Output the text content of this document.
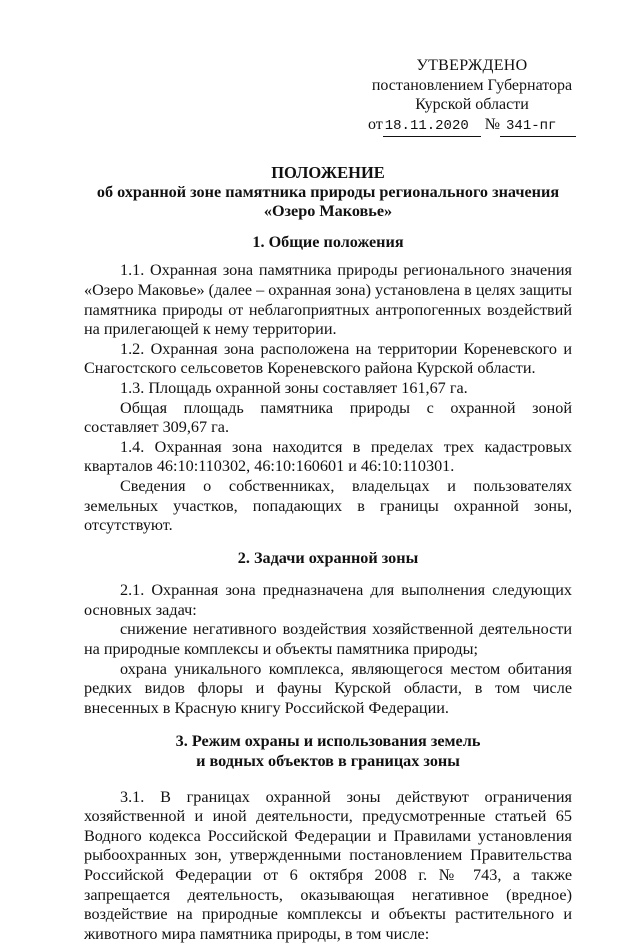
УТВЕРЖДЕНО
постановлением Губернатора
Курской области
от 18.11.2020 № 341-пг
ПОЛОЖЕНИЕ
об охранной зоне памятника природы регионального значения
«Озеро Маковье»
1. Общие положения
1.1. Охранная зона памятника природы регионального значения «Озеро Маковье» (далее – охранная зона) установлена в целях защиты памятника природы от неблагоприятных антропогенных воздействий на прилегающей к нему территории.
1.2. Охранная зона расположена на территории Кореневского и Снагостского сельсоветов Кореневского района Курской области.
1.3. Площадь охранной зоны составляет 161,67 га.
Общая площадь памятника природы с охранной зоной составляет 309,67 га.
1.4. Охранная зона находится в пределах трех кадастровых кварталов 46:10:110302, 46:10:160601 и 46:10:110301.
Сведения о собственниках, владельцах и пользователях земельных участков, попадающих в границы охранной зоны, отсутствуют.
2. Задачи охранной зоны
2.1. Охранная зона предназначена для выполнения следующих основных задач:
снижение негативного воздействия хозяйственной деятельности на природные комплексы и объекты памятника природы;
охрана уникального комплекса, являющегося местом обитания редких видов флоры и фауны Курской области, в том числе внесенных в Красную книгу Российской Федерации.
3. Режим охраны и использования земель
и водных объектов в границах зоны
3.1. В границах охранной зоны действуют ограничения хозяйственной и иной деятельности, предусмотренные статьей 65 Водного кодекса Российской Федерации и Правилами установления рыбоохранных зон, утвержденными постановлением Правительства Российской Федерации от 6 октября 2008 г. № 743, а также запрещается деятельность, оказывающая негативное (вредное) воздействие на природные комплексы и объекты растительного и животного мира памятника природы, в том числе:
